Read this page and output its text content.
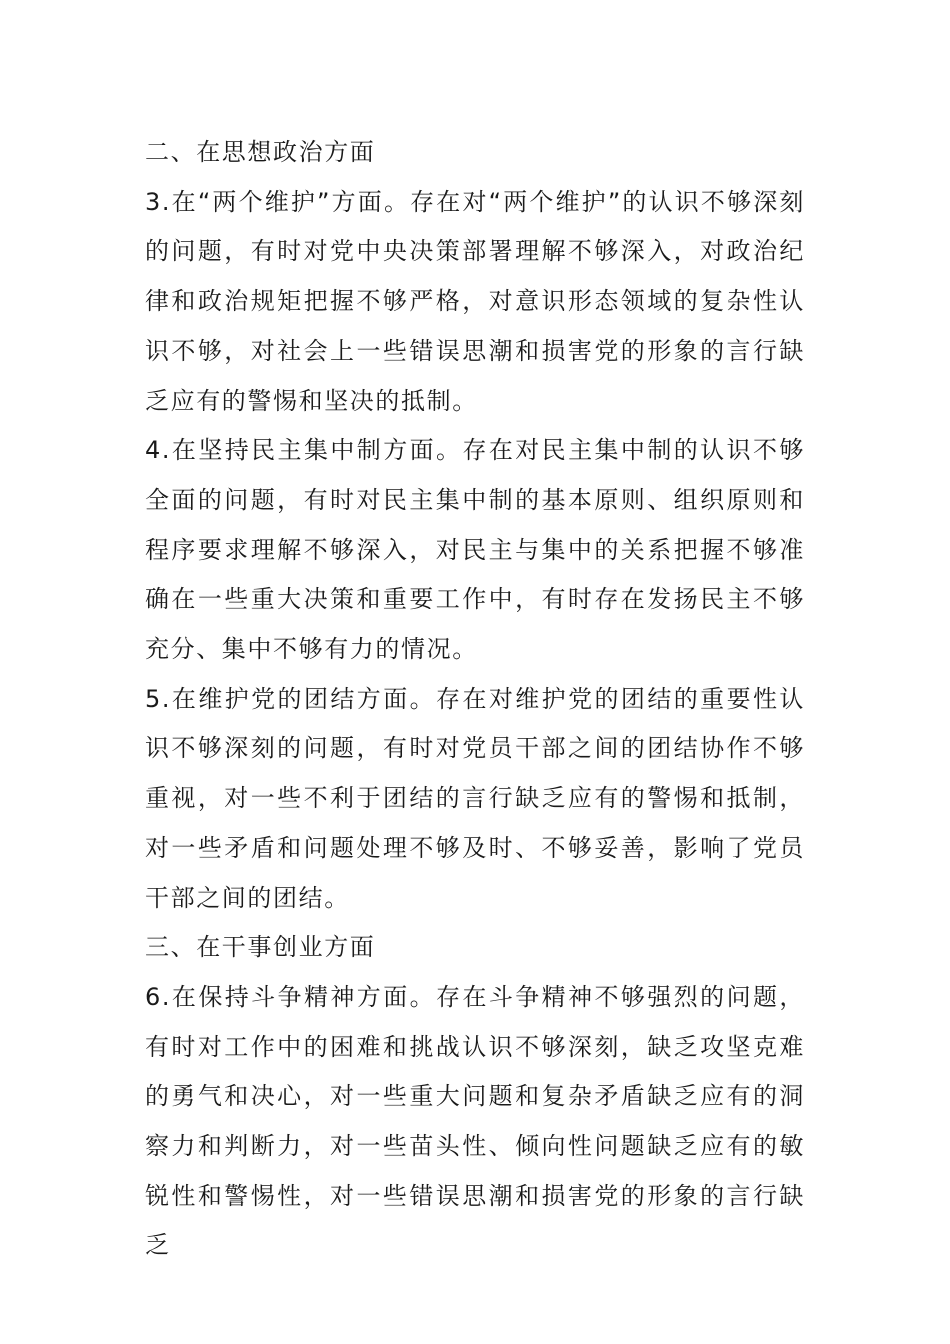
二、在思想政治方面

3.在“两个维护”方面。存在对“两个维护”的认识不够深刻的问题，有时对党中央决策部署理解不够深入，对政治纪律和政治规矩把握不够严格，对意识形态领域的复杂性认识不够，对社会上一些错误思潮和损害党的形象的言行缺乏应有的警惕和坚决的抵制。

4.在坚持民主集中制方面。存在对民主集中制的认识不够全面的问题，有时对民主集中制的基本原则、组织原则和程序要求理解不够深入，对民主与集中的关系把握不够准确在一些重大决策和重要工作中，有时存在发扬民主不够充分、集中不够有力的情况。

5.在维护党的团结方面。存在对维护党的团结的重要性认识不够深刻的问题，有时对党员干部之间的团结协作不够重视，对一些不利于团结的言行缺乏应有的警惕和抵制，对一些矛盾和问题处理不够及时、不够妥善，影响了党员干部之间的团结。

三、在干事创业方面

6.在保持斗争精神方面。存在斗争精神不够强烈的问题，有时对工作中的困难和挑战认识不够深刻，缺乏攻坚克难的勇气和决心，对一些重大问题和复杂矛盾缺乏应有的洞察力和判断力，对一些苗头性、倾向性问题缺乏应有的敏锐性和警惕性，对一些错误思潮和损害党的形象的言行缺乏
